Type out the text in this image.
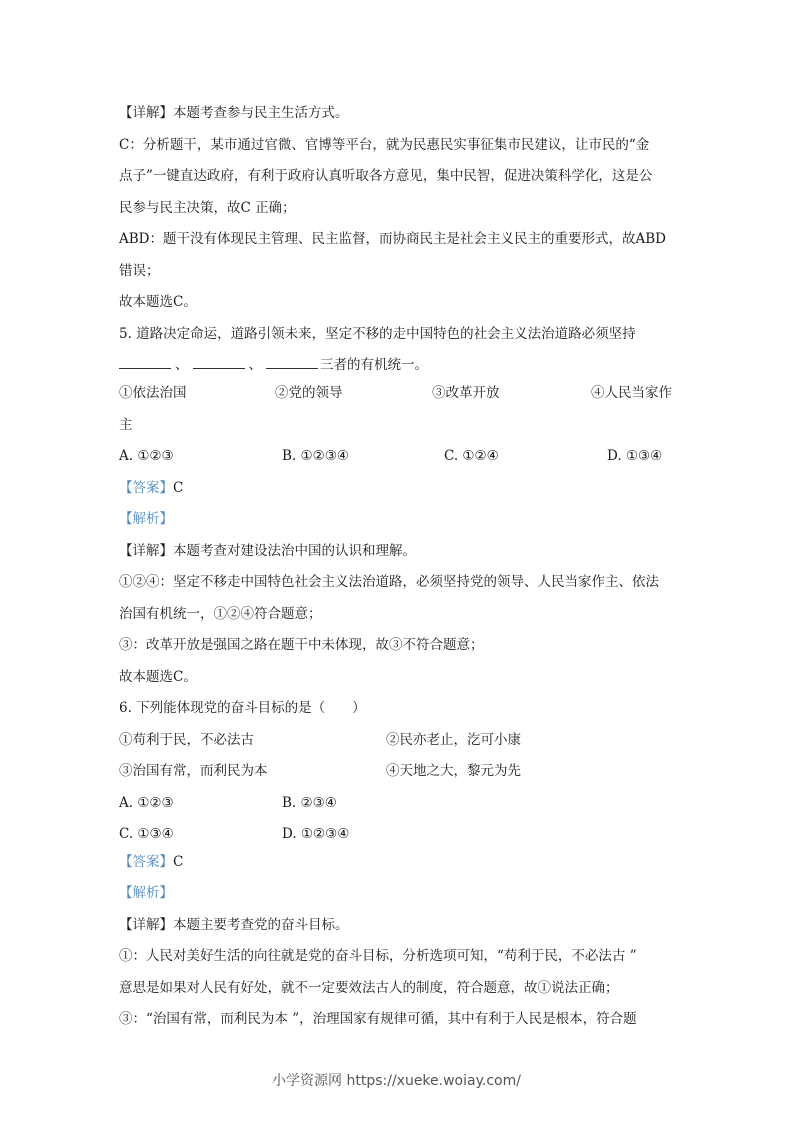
【详解】本题考查参与民主生活方式。
C：分析题干，某市通过官微、官博等平台，就为民惠民实事征集市民建议，让市民的“金
点子”一键直达政府，有利于政府认真听取各方意见，集中民智，促进决策科学化，这是公
民参与民主决策，故C 正确；
ABD：题干没有体现民主管理、民主监督，而协商民主是社会主义民主的重要形式，故ABD
错误；
故本题选C。
5. 道路决定命运，道路引领未来，坚定不移的走中国特色的社会主义法治道路必须坚持
、	、	三者的有机统一。
①依法治国	②党的领导	③改革开放	④人民当家作
主
A. ①②③	B. ①②③④	C. ①②④	D. ①③④
【答案】C
【解析】
【详解】本题考查对建设法治中国的认识和理解。
①②④：坚定不移走中国特色社会主义法治道路，必须坚持党的领导、人民当家作主、依法
治国有机统一，①②④符合题意；
③：改革开放是强国之路在题干中未体现，故③不符合题意；
故本题选C。
6. 下列能体现党的奋斗目标的是（　　）
①苟利于民，不必法古	②民亦老止，汔可小康
③治国有常，而利民为本	④天地之大，黎元为先
A. ①②③	B. ②③④
C. ①③④	D. ①②③④
【答案】C
【解析】
【详解】本题主要考查党的奋斗目标。
①：人民对美好生活的向往就是党的奋斗目标，分析选项可知，“苟利于民，不必法古 ”
意思是如果对人民有好处，就不一定要效法古人的制度，符合题意，故①说法正确；
③：“治国有常，而利民为本 ”，治理国家有规律可循，其中有利于人民是根本，符合题
小学资源网 https://xueke.woiay.com/
